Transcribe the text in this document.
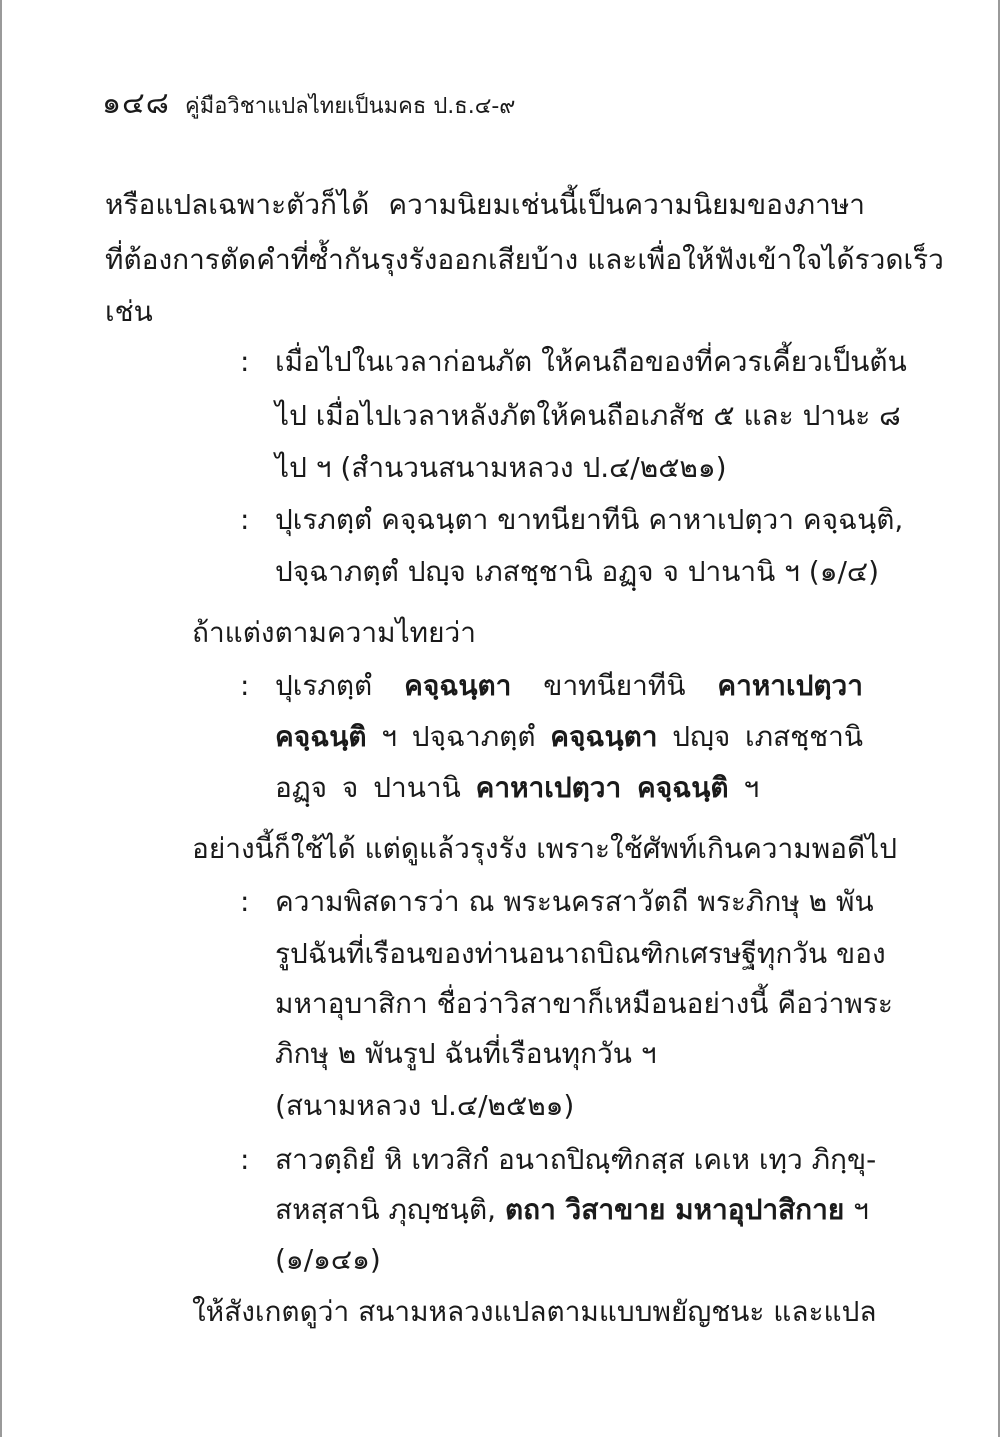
๑๔๘ คู่มือวิชาแปลไทยเป็นมคธ ป.ธ.๔-๙
หรือแปลเฉพาะตัวก็ได้ ความนิยมเช่นนี้เป็นความนิยมของภาษา
ที่ต้องการตัดคำที่ซ้ำกันรุงรังออกเสียบ้าง และเพื่อให้ฟังเข้าใจได้รวดเร็ว
เช่น
: เมื่อไปในเวลาก่อนภัต ให้คนถือของที่ควรเคี้ยวเป็นต้น
ไป เมื่อไปเวลาหลังภัตให้คนถือเภสัช ๕ และ ปานะ ๘
ไป ฯ (สำนวนสนามหลวง ป.๔/๒๕๒๑)
: ปุเรภตฺตํ คจฺฉนฺตา ขาทนียาทีนิ คาหาเปตฺวา คจฺฉนฺติ,
ปจฺฉาภตฺตํ ปญฺจ เภสชฺชานิ อฏฺจ จ ปานานิ ฯ (๑/๔)
ถ้าแต่งตามความไทยว่า
: ปุเรภตฺตํ คจฺฉนฺตา ขาทนียาทีนิ คาหาเปตฺวา
คจฺฉนฺติ ฯ ปจฺฉาภตฺตํ คจฺฉนฺตา ปญฺจ เภสชฺชานิ
อฏฺจ จ ปานานิ คาหาเปตฺวา คจฺฉนฺติ ฯ
อย่างนี้ก็ใช้ได้ แต่ดูแล้วรุงรัง เพราะใช้ศัพท์เกินความพอดีไป
: ความพิสดารว่า ณ พระนครสาวัตถี พระภิกษุ ๒ พัน
รูปฉันที่เรือนของท่านอนาถบิณฑิกเศรษฐีทุกวัน ของ
มหาอุบาสิกา ชื่อว่าวิสาขาก็เหมือนอย่างนี้ คือว่าพระ
ภิกษุ ๒ พันรูป ฉันที่เรือนทุกวัน ฯ
(สนามหลวง ป.๔/๒๕๒๑)
: สาวตฺถิยํ หิ เทวสิกํ อนาถปิณฺฑิกสฺส เคเห เทฺว ภิกฺขุ-
สหสฺสานิ ภุญฺชนฺติ, ตถา วิสาขาย มหาอุปาสิกาย ฯ
(๑/๑๔๑)
ให้สังเกตดูว่า สนามหลวงแปลตามแบบพยัญชนะ และแปล
